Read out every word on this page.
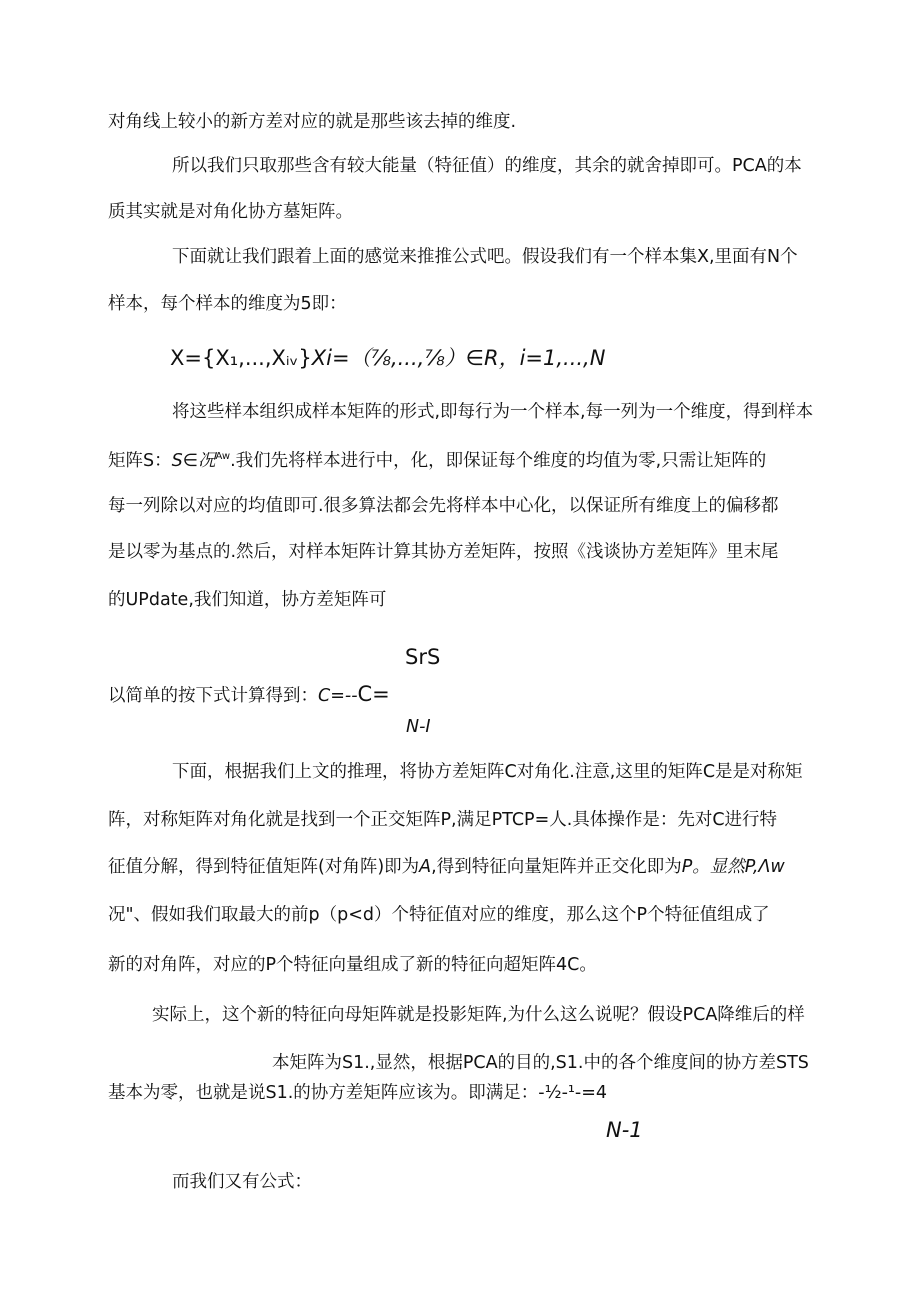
对角线上较小的新方差对应的就是那些该去掉的维度.
所以我们只取那些含有较大能量（特征值）的维度，其余的就舍掉即可。PCA的本
质其实就是对角化协方墓矩阵。
下面就让我们跟着上面的感觉来推推公式吧。假设我们有一个样本集X,里面有N个
样本，每个样本的维度为5即：
X={X₁,...,Xᵢᵥ}Xi=（⅞,...,⅞）∈R，i=1,...,N
将这些样本组织成样本矩阵的形式,即每行为一个样本,每一列为一个维度，得到样本
矩阵S：S∈况$^{Aw}$.我们先将样本进行中，化，即保证每个维度的均值为零,只需让矩阵的
每一列除以对应的均值即可.很多算法都会先将样本中心化，以保证所有维度上的偏移都
是以零为基点的.然后，对样本矩阵计算其协方差矩阵，按照《浅谈协方差矩阵》里末尾
的UPdate,我们知道，协方差矩阵可
SrS
以简单的按下式计算得到：C=--C=
N-I
下面，根据我们上文的推理，将协方差矩阵C对角化.注意,这里的矩阵C是是对称矩
阵，对称矩阵对角化就是找到一个正交矩阵P,满足PTCP=人.具体操作是：先对C进行特
征值分解，得到特征值矩阵(对角阵)即为A,得到特征向量矩阵并正交化即为P。显然P,Λw
况"、假如我们取最大的前p（p<d）个特征值对应的维度，那么这个P个特征值组成了
新的对角阵，对应的P个特征向量组成了新的特征向超矩阵4C。
实际上，这个新的特征向母矩阵就是投影矩阵,为什么这么说呢？假设PCA降维后的样
本矩阵为S1.,显然，根据PCA的目的,S1.中的各个维度间的协方差STS
基本为零，也就是说S1.的协方差矩阵应该为。即满足：-½-¹-=4
N-1
而我们又有公式：
